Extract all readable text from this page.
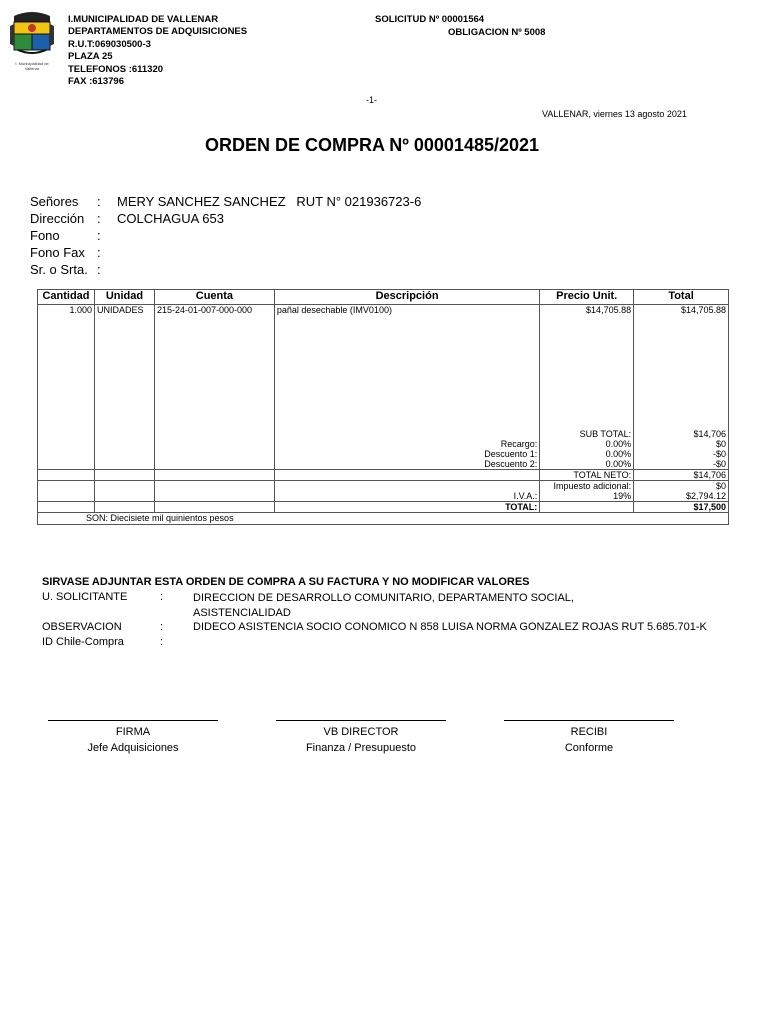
I. Municipalidad de Vallenar
I.MUNICIPALIDAD DE VALLENAR
DEPARTAMENTOS DE ADQUISICIONES
R.U.T:069030500-3
PLAZA 25
TELEFONOS :611320
FAX :613796
SOLICITUD Nº 00001564
OBLIGACION Nº 5008
-1-
VALLENAR, viernes 13 agosto 2021
ORDEN DE COMPRA Nº 00001485/2021
Señores	:	MERY SANCHEZ SANCHEZ   RUT N° 021936723-6
Dirección :	COLCHAGUA 653
Fono	:
Fono Fax :
Sr. o Srta. :
Cantidad	Unidad	Cuenta	Descripción	Precio Unit.	Total
1.000	UNIDADES	215-24-01-007-000-000	pañal desechable (IMV0100)	$14,705.88	$14,705.88
				SUB TOTAL:	$14,706
			Recargo:	0.00%	$0
			Descuento 1:	0.00%	-$0
			Descuento 2:	0.00%	-$0
				TOTAL NETO:	$14,706
				Impuesto adicional:	$0
			I.V.A.:	19%	$2,794.12
			TOTAL:		$17,500
SON: Diecisiete mil quinientos pesos					
SIRVASE ADJUNTAR ESTA ORDEN DE COMPRA A SU FACTURA Y NO MODIFICAR VALORES
U. SOLICITANTE	:	DIRECCION DE DESARROLLO COMUNITARIO, DEPARTAMENTO SOCIAL,
ASISTENCIALIDAD
OBSERVACION	:	DIDECO ASISTENCIA SOCIO CONOMICO N 858 LUISA NORMA GONZALEZ ROJAS RUT 5.685.701-K
ID Chile-Compra	:
FIRMA
Jefe Adquisiciones
VB DIRECTOR
Finanza / Presupuesto
RECIBI
Conforme
